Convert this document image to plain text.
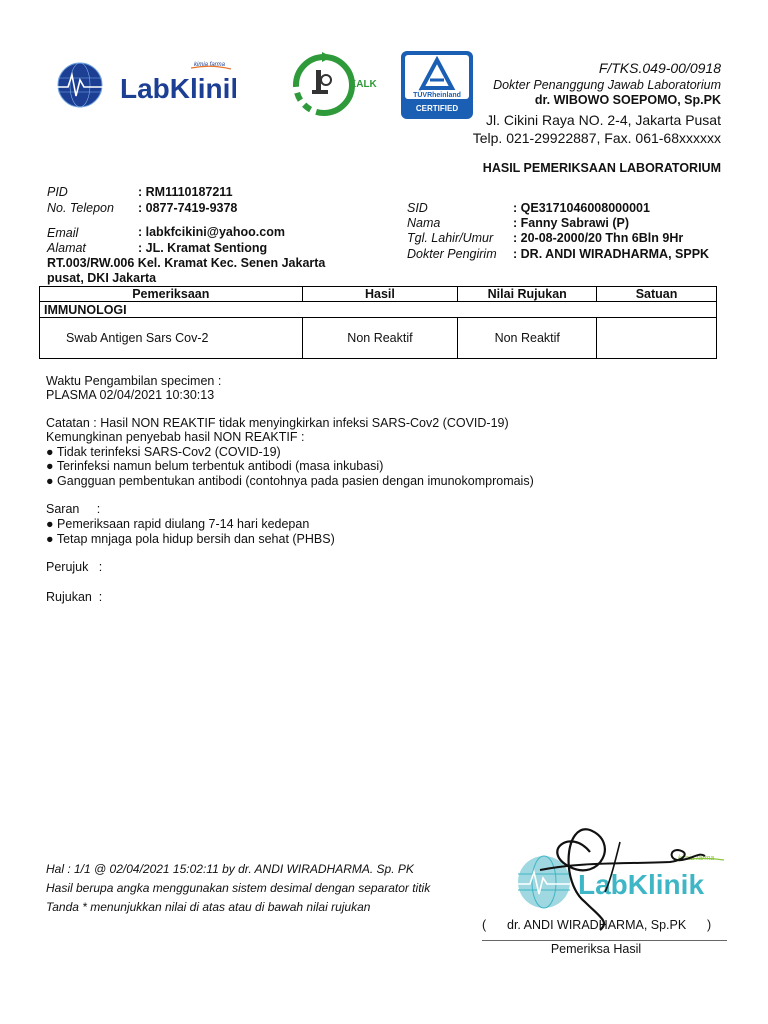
LabKlinik
kimia farma
KALK
TÜVRheinland
CERTIFIED
F/TKS.049-00/0918
Dokter Penanggung Jawab Laboratorium
dr. WIBOWO SOEPOMO, Sp.PK
Jl. Cikini Raya NO. 2-4, Jakarta Pusat
Telp. 021-29922887, Fax. 061-68xxxxxx
HASIL PEMERIKSAAN LABORATORIUM
PID	: RM1110187211
No. Telepon : 0877-7419-9378
Email	: labkfcikini@yahoo.com
Alamat	: JL. Kramat Sentiong
RT.003/RW.006 Kel. Kramat Kec. Senen Jakarta
pusat, DKI Jakarta
SID	: QE3171046008000001
Nama	: Fanny Sabrawi (P)
Tgl. Lahir/Umur : 20-08-2000/20 Thn 6Bln 9Hr
Dokter Pengirim : DR. ANDI WIRADHARMA, SPPK
Pemeriksaan	Hasil	Nilai Rujukan	Satuan
IMMUNOLOGI			
Swab Antigen Sars Cov-2	Non Reaktif	Non Reaktif	
Waktu Pengambilan specimen :
PLASMA 02/04/2021 10:30:13
Catatan : Hasil NON REAKTIF tidak menyingkirkan infeksi SARS-Cov2 (COVID-19)
Kemungkinan penyebab hasil NON REAKTIF :
● Tidak terinfeksi SARS-Cov2 (COVID-19)
● Terinfeksi namun belum terbentuk antibodi (masa inkubasi)
● Gangguan pembentukan antibodi (contohnya pada pasien dengan imunokompromais)
Saran     :
● Pemeriksaan rapid diulang 7-14 hari kedepan
● Tetap mnjaga pola hidup bersih dan sehat (PHBS)
Perujuk   :
Rujukan  :
Hal : 1/1 @ 02/04/2021 15:02:11 by dr. ANDI WIRADHARMA. Sp. PK
Hasil berupa angka menggunakan sistem desimal dengan separator titik
Tanda * menunjukkan nilai di atas atau di bawah nilai rujukan
LabKlinik
kimia farma
(      dr. ANDI WIRADHARMA, Sp.PK      )
Pemeriksa Hasil
